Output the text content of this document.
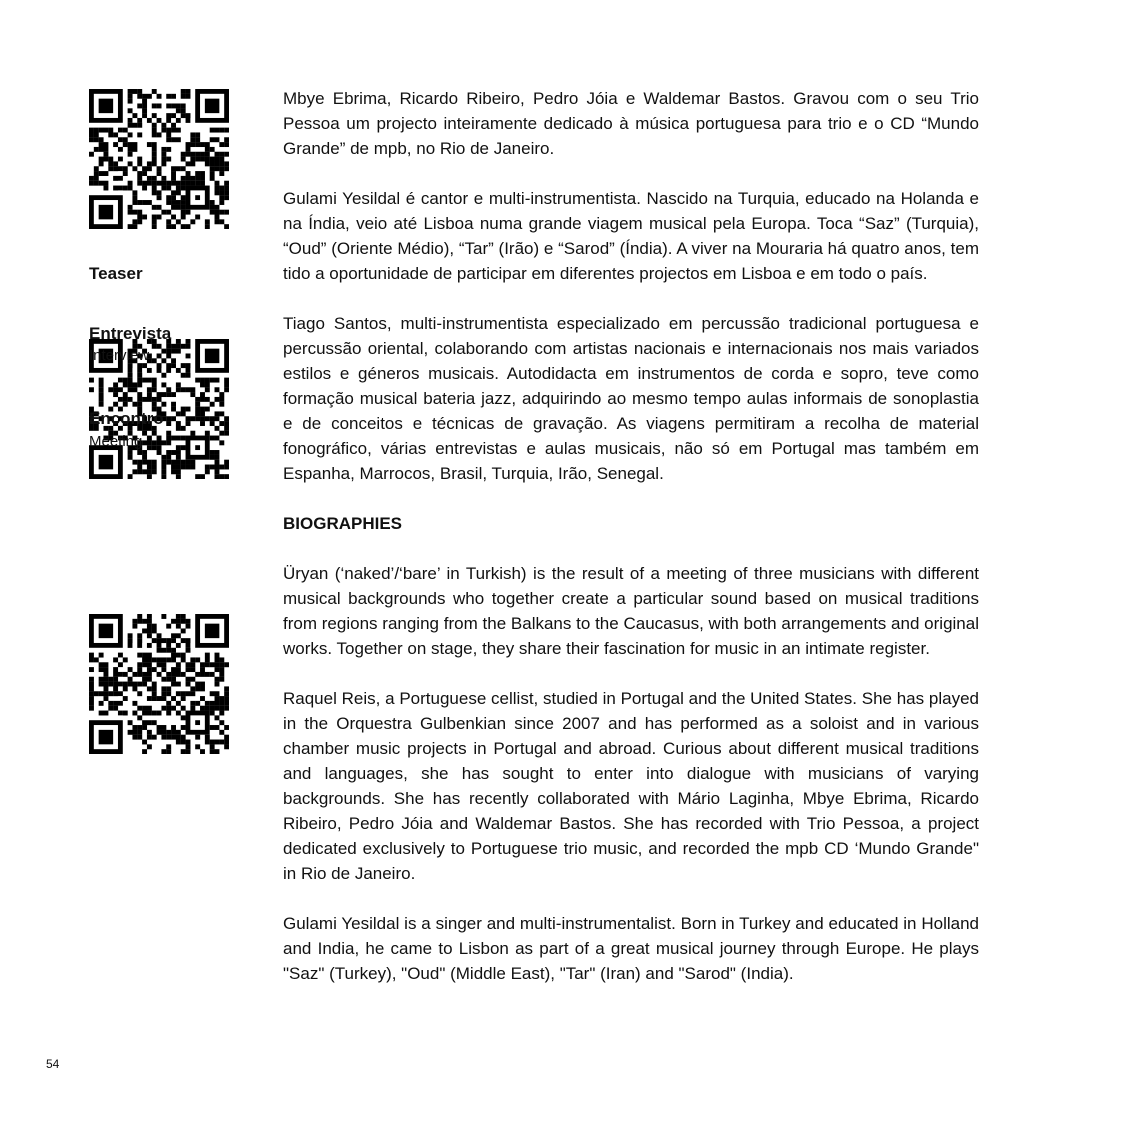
Teaser
Entrevista
Interview
Encontro
Meeting

Mbye Ebrima, Ricardo Ribeiro, Pedro Jóia e Waldemar Bastos. Gravou com o seu Trio Pessoa um projecto inteiramente dedicado à música portuguesa para trio e o CD “Mundo Grande” de mpb, no Rio de Janeiro.

Gulami Yesildal é cantor e multi-instrumentista. Nascido na Turquia, educado na Holanda e na Índia, veio até Lisboa numa grande viagem musical pela Europa. Toca “Saz” (Turquia), “Oud” (Oriente Médio), “Tar” (Irão) e “Sarod” (Índia). A viver na Mouraria há quatro anos, tem tido a oportunidade de participar em diferentes projectos em Lisboa e em todo o país.

Tiago Santos, multi-instrumentista especializado em percussão tradicional portuguesa e percussão oriental, colaborando com artistas nacionais e internacionais nos mais variados estilos e géneros musicais. Autodidacta em instrumentos de corda e sopro, teve como formação musical bateria jazz, adquirindo ao mesmo tempo aulas informais de sonoplastia e de conceitos e técnicas de gravação. As viagens permitiram a recolha de material fonográfico, várias entrevistas e aulas musicais, não só em Portugal mas também em Espanha, Marrocos, Brasil, Turquia, Irão, Senegal.

BIOGRAPHIES

Üryan (‘naked’/‘bare’ in Turkish) is the result of a meeting of three musicians with different musical backgrounds who together create a particular sound based on musical traditions from regions ranging from the Balkans to the Caucasus, with both arrangements and original works. Together on stage, they share their fascination for music in an intimate register.

Raquel Reis, a Portuguese cellist, studied in Portugal and the United States. She has played in the Orquestra Gulbenkian since 2007 and has performed as a soloist and in various chamber music projects in Portugal and abroad. Curious about different musical traditions and languages, she has sought to enter into dialogue with musicians of varying backgrounds. She has recently collaborated with Mário Laginha, Mbye Ebrima, Ricardo Ribeiro, Pedro Jóia and Waldemar Bastos. She has recorded with Trio Pessoa, a project dedicated exclusively to Portuguese trio music, and recorded the mpb CD ‘Mundo Grande" in Rio de Janeiro.

Gulami Yesildal is a singer and multi-instrumentalist. Born in Turkey and educated in Holland and India, he came to Lisbon as part of a great musical journey through Europe. He plays "Saz" (Turkey), "Oud" (Middle East), "Tar" (Iran) and "Sarod" (India).

54
